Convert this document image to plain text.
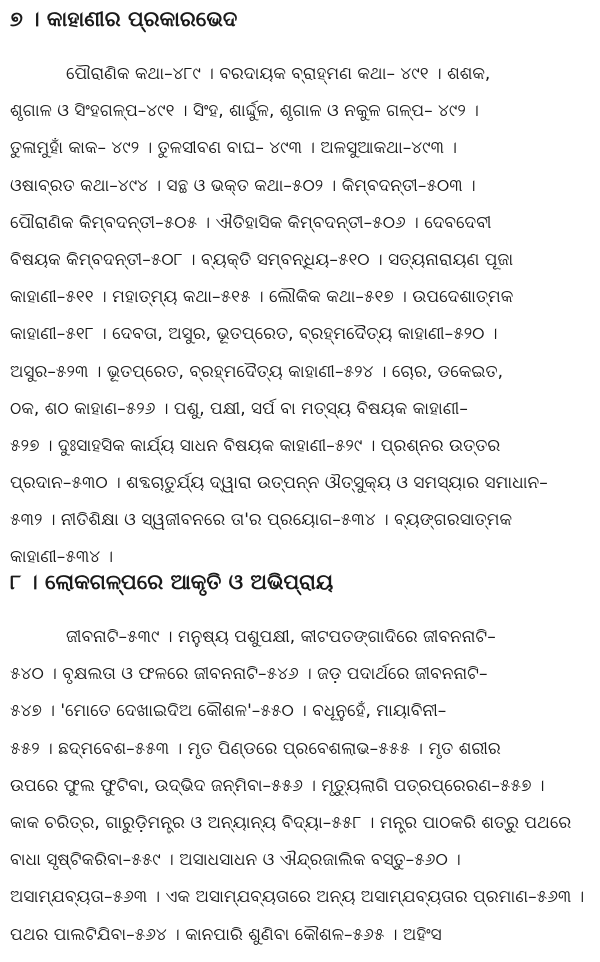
୭ । କାହାଣୀର ପ୍ରକାରଭେଦ
ପୌରାଣିକ କଥା–୪୮୯ । ବରଦାୟକ ବ୍ରାହ୍ମଣ କଥା– ୪୯୧ । ଶଶକ,
ଶୃଗାଳ ଓ ସିଂହଗଳ୍ପ–୪୯୧ । ସିଂହ, ଶାର୍ଦ୍ଦୁଳ, ଶୃଗାଳ ଓ ନକୁଳ ଗଳ୍ପ– ୪୯୨ ।
ତୁଳାମୁହାଁ କାକ– ୪୯୨ । ତୁଳସୀବଣ ବାଘ– ୪୯୩ । ଅଳସୁଆକଥା–୪୯୩ ।
ଓଷାବ୍ରତ କଥା–୪୯୪ । ସନ୍ଥ ଓ ଭକ୍ତ କଥା–୫୦୨ । କିମ୍ବଦନ୍ତୀ–୫୦୩ ।
ପୌରାଣିକ କିମ୍ବଦନ୍ତୀ–୫୦୫ । ଐତିହାସିକ କିମ୍ବଦନ୍ତୀ–୫୦୬ । ଦେବଦେବୀ
ବିଷୟକ କିମ୍ବଦନ୍ତୀ–୫୦୮ । ବ୍ୟକ୍ତି ସମ୍ବନ୍ଧିୟ–୫୧୦ । ସତ୍ୟନାରାୟଣ ପୂଜା
କାହାଣୀ–୫୧୧ । ମହାତ୍ମ୍ୟ କଥା–୫୧୫ । ଲୌକିକ କଥା–୫୧୭ । ଉପଦେଶାତ୍ମକ
କାହାଣୀ–୫୧୮ । ଦେବତା, ଅସୁର, ଭୂତପ୍ରେତ, ବ୍ରହ୍ମଦୈତ୍ୟ କାହାଣୀ–୫୨୦ ।
ଅସୁର–୫୨୩ । ଭୂତପ୍ରେତ, ବ୍ରହ୍ମଦୈତ୍ୟ କାହାଣୀ–୫୨୪ । ଚୋର, ଡକେଇତ,
ଠକ, ଶଠ କାହାଣ–୫୨୬ । ପଶୁ, ପକ୍ଷୀ, ସର୍ପ ବା ମତ୍ସ୍ୟ ବିଷୟକ କାହାଣୀ–
୫୨୭ । ଦୁଃସାହସିକ କାର୍ଯ୍ୟ ସାଧନ ବିଷୟକ କାହାଣୀ–୫୨୯ । ପ୍ରଶ୍ନର ଉତ୍ତର
ପ୍ରଦାନ–୫୩୦ । ଶବ୍ଦଚାତୁର୍ଯ୍ୟ ଦ୍ୱାରା ଉତ୍ପନ୍ନ ଔତ୍ସୁକ୍ୟ ଓ ସମସ୍ୟାର ସମାଧାନ–
୫୩୨ । ନୀତିଶିକ୍ଷା ଓ ସ୍ୱଜୀବନରେ ତା'ର ପ୍ରୟୋଗ–୫୩୪ । ବ୍ୟଙ୍ଗରସାତ୍ମକ
କାହାଣୀ–୫୩୪ ।
୮ । ଲୋକଗଳ୍ପରେ ଆକୃତି ଓ ଅଭିପ୍ରାୟ
ଜୀବନାଟି–୫୩୯ । ମନୁଷ୍ୟ ପଶୁପକ୍ଷୀ, କୀଟପତଙ୍ଗାଦିରେ ଜୀବନନାଟି–
୫୪୦ । ବୃକ୍ଷଲତା ଓ ଫଳରେ ଜୀବନନାଟି–୫୪୬ । ଜଡ଼ ପଦାର୍ଥରେ ଜୀବନନାଟି–
୫୪୭ । 'ମୋତେ ଦେଖାଇଦିଅ କୌଶଳ'–୫୫୦ । ବଧୂନୁହେଁ, ମାୟାବିନୀ–
୫୫୨ । ଛଦ୍ମବେଶ–୫୫୩ । ମୃତ ପିଣ୍ଡରେ ପ୍ରବେଶଲାଭ–୫୫୫ । ମୃତ ଶରୀର
ଉପରେ ଫୁଲ ଫୁଟିବା, ଉଦ୍ଭିଦ ଜନ୍ମିବା–୫୫୬ । ମୃତ୍ୟୁଲାଗି ପତ୍ରପ୍ରେରଣ–୫୫୭ ।
କାକ ଚରିତ୍ର, ଗାରୁଡ଼ିମନ୍ତ୍ର ଓ ଅନ୍ୟାନ୍ୟ ବିଦ୍ୟା–୫୫୮ । ମନ୍ତ୍ର ପାଠକରି ଶତ୍ରୁ ପଥରେ
ବାଧା ସୃଷ୍ଟିକରିବା–୫୫୯ । ଅସାଧସାଧନ ଓ ଐନ୍ଦ୍ରଜାଲିକ ବସ୍ତୁ–୫୬୦ ।
ଅସାମ୍ଯବ୍ୟତା–୫୬୩ । ଏକ ଅସାମ୍ଯବ୍ୟତାରେ ଅନ୍ୟ ଅସାମ୍ଯବ୍ୟତାର ପ୍ରମାଣ–୫୬୩ ।
ପଥର ପାଲଟିଯିବା–୫୬୪ । କାନପାରି ଶୁଣିବା କୌଶଳ–୫୬୫ । ଅହିଂସ
